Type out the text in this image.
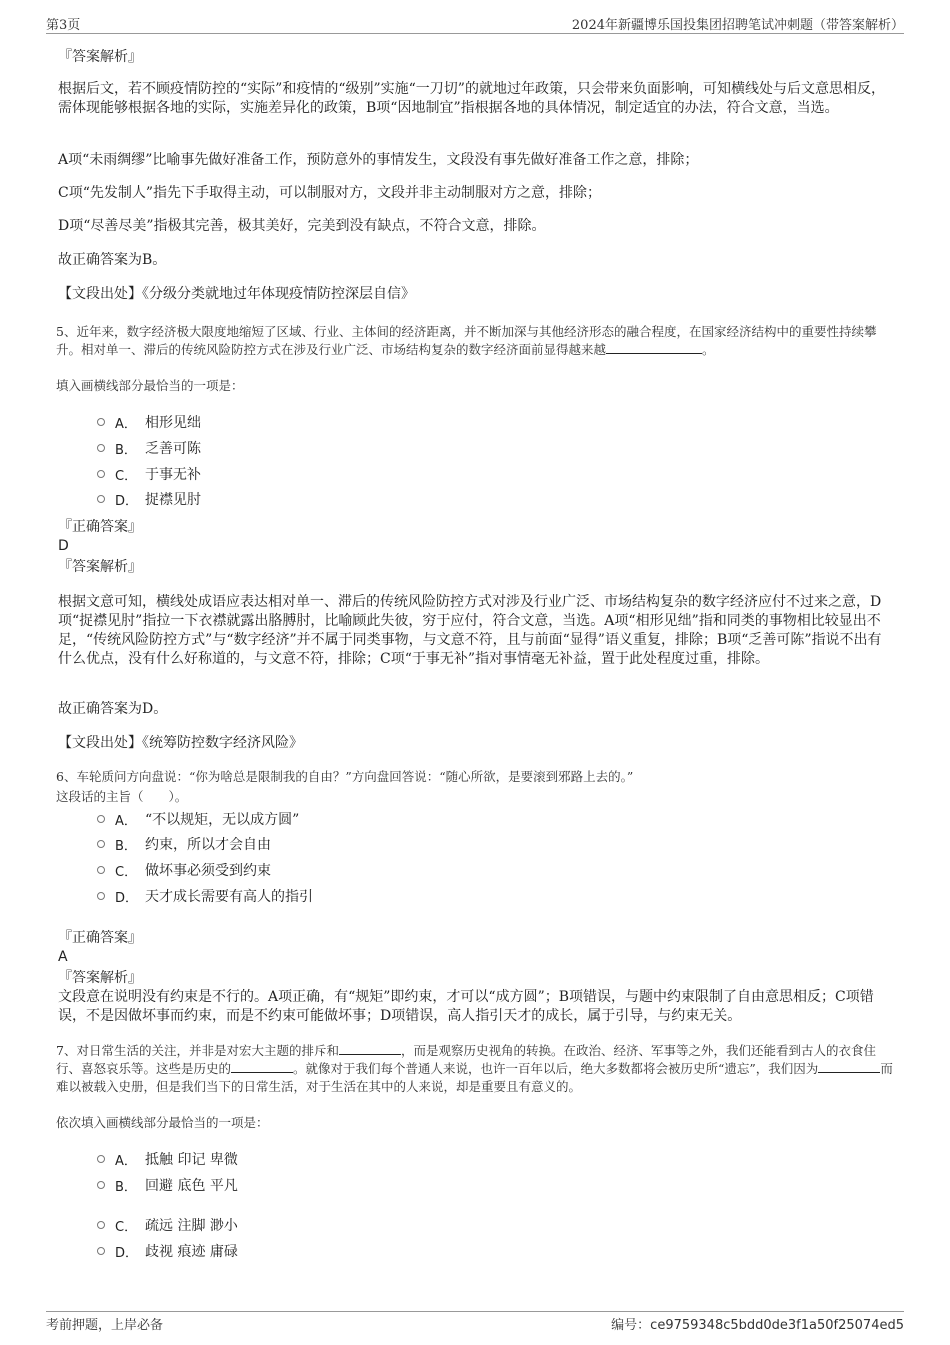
第3页	2024年新疆博乐国投集团招聘笔试冲刺题（带答案解析）
『答案解析』

根据后文，若不顾疫情防控的“实际”和疫情的“级别”实施“一刀切”的就地过年政策，只会带来负面影响，可知横线处与后文意思相反，需体现能够根据各地的实际，实施差异化的政策，B项“因地制宜”指根据各地的具体情况，制定适宜的办法，符合文意，当选。

A项“未雨绸缪”比喻事先做好准备工作，预防意外的事情发生，文段没有事先做好准备工作之意，排除；

C项“先发制人”指先下手取得主动，可以制服对方，文段并非主动制服对方之意，排除；

D项“尽善尽美”指极其完善，极其美好，完美到没有缺点，不符合文意，排除。

故正确答案为B。

【文段出处】《分级分类就地过年体现疫情防控深层自信》

5、近年来，数字经济极大限度地缩短了区域、行业、主体间的经济距离，并不断加深与其他经济形态的融合程度，在国家经济结构中的重要性持续攀升。相对单一、滞后的传统风险防控方式在涉及行业广泛、市场结构复杂的数字经济面前显得越来越	。

填入画横线部分最恰当的一项是：

A． 相形见绌
B． 乏善可陈
C． 于事无补
D． 捉襟见肘
『正确答案』
D
『答案解析』

根据文意可知，横线处成语应表达相对单一、滞后的传统风险防控方式对涉及行业广泛、市场结构复杂的数字经济应付不过来之意，D项“捉襟见肘”指拉一下衣襟就露出胳膊肘，比喻顾此失彼，穷于应付，符合文意，当选。A项“相形见绌”指和同类的事物相比较显出不足，“传统风险防控方式”与“数字经济”并不属于同类事物，与文意不符，且与前面“显得”语义重复，排除；B项“乏善可陈”指说不出有什么优点，没有什么好称道的，与文意不符，排除；C项“于事无补”指对事情毫无补益，置于此处程度过重，排除。

故正确答案为D。

【文段出处】《统筹防控数字经济风险》

6、车轮质问方向盘说：“你为啥总是限制我的自由？”方向盘回答说：“随心所欲，是要滚到邪路上去的。”

这段话的主旨（　　）。

A． “不以规矩，无以成方圆”
B． 约束，所以才会自由
C． 做坏事必须受到约束
D． 天才成长需要有高人的指引
『正确答案』
A
『答案解析』

文段意在说明没有约束是不行的。A项正确，有“规矩”即约束，才可以“成方圆”；B项错误，与题中约束限制了自由意思相反；C项错误，不是因做坏事而约束，而是不约束可能做坏事；D项错误，高人指引天才的成长，属于引导，与约束无关。

7、对日常生活的关注，并非是对宏大主题的排斥和	，而是观察历史视角的转换。在政治、经济、军事等之外，我们还能看到古人的衣食住行、喜怒哀乐等。这些是历史的	。就像对于我们每个普通人来说，也许一百年以后，绝大多数都将会被历史所“遗忘”，我们因为	而难以被载入史册，但是我们当下的日常生活，对于生活在其中的人来说，却是重要且有意义的。

依次填入画横线部分最恰当的一项是：

A． 抵触 印记 卑微
B． 回避 底色 平凡
C． 疏远 注脚 渺小
D． 歧视 痕迹 庸碌
考前押题，上岸必备	编号：ce9759348c5bdd0de3f1a50f25074ed5
